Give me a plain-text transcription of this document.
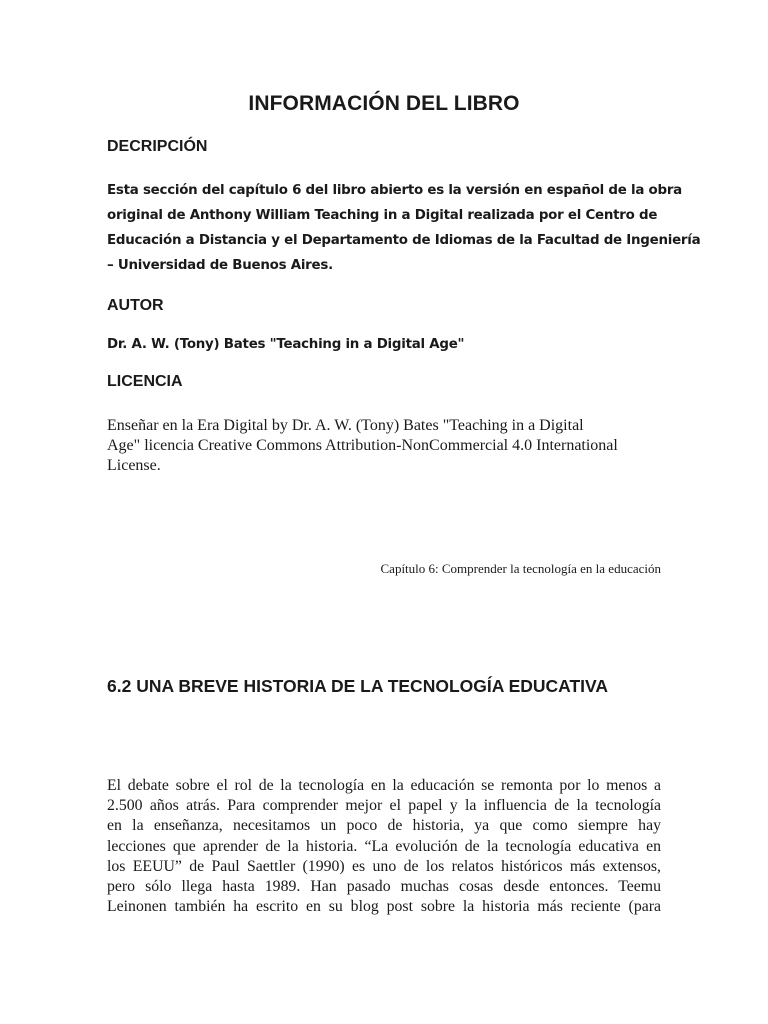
INFORMACIÓN DEL LIBRO
DECRIPCIÓN

Esta sección del capítulo 6 del libro abierto es la versión en español de la obra
original de Anthony William Teaching in a Digital realizada por el Centro de
Educación a Distancia y el Departamento de Idiomas de la Facultad de Ingeniería
– Universidad de Buenos Aires.

AUTOR

Dr. A. W. (Tony) Bates "Teaching in a Digital Age"

LICENCIA

Enseñar en la Era Digital by Dr. A. W. (Tony) Bates "Teaching in a Digital
Age" licencia Creative Commons Attribution-NonCommercial 4.0 International
License.

Capítulo 6: Comprender la tecnología en la educación

6.2 UNA BREVE HISTORIA DE LA TECNOLOGÍA EDUCATIVA
El debate sobre el rol de la tecnología en la educación se remonta por lo menos a
2.500 años atrás. Para comprender mejor el papel y la influencia de la tecnología
en la enseñanza, necesitamos un poco de historia, ya que como siempre hay
lecciones que aprender de la historia. “La evolución de la tecnología educativa en
los EEUU” de Paul Saettler (1990) es uno de los relatos históricos más extensos,
pero sólo llega hasta 1989. Han pasado muchas cosas desde entonces. Teemu
Leinonen también ha escrito en su blog post sobre la historia más reciente (para
